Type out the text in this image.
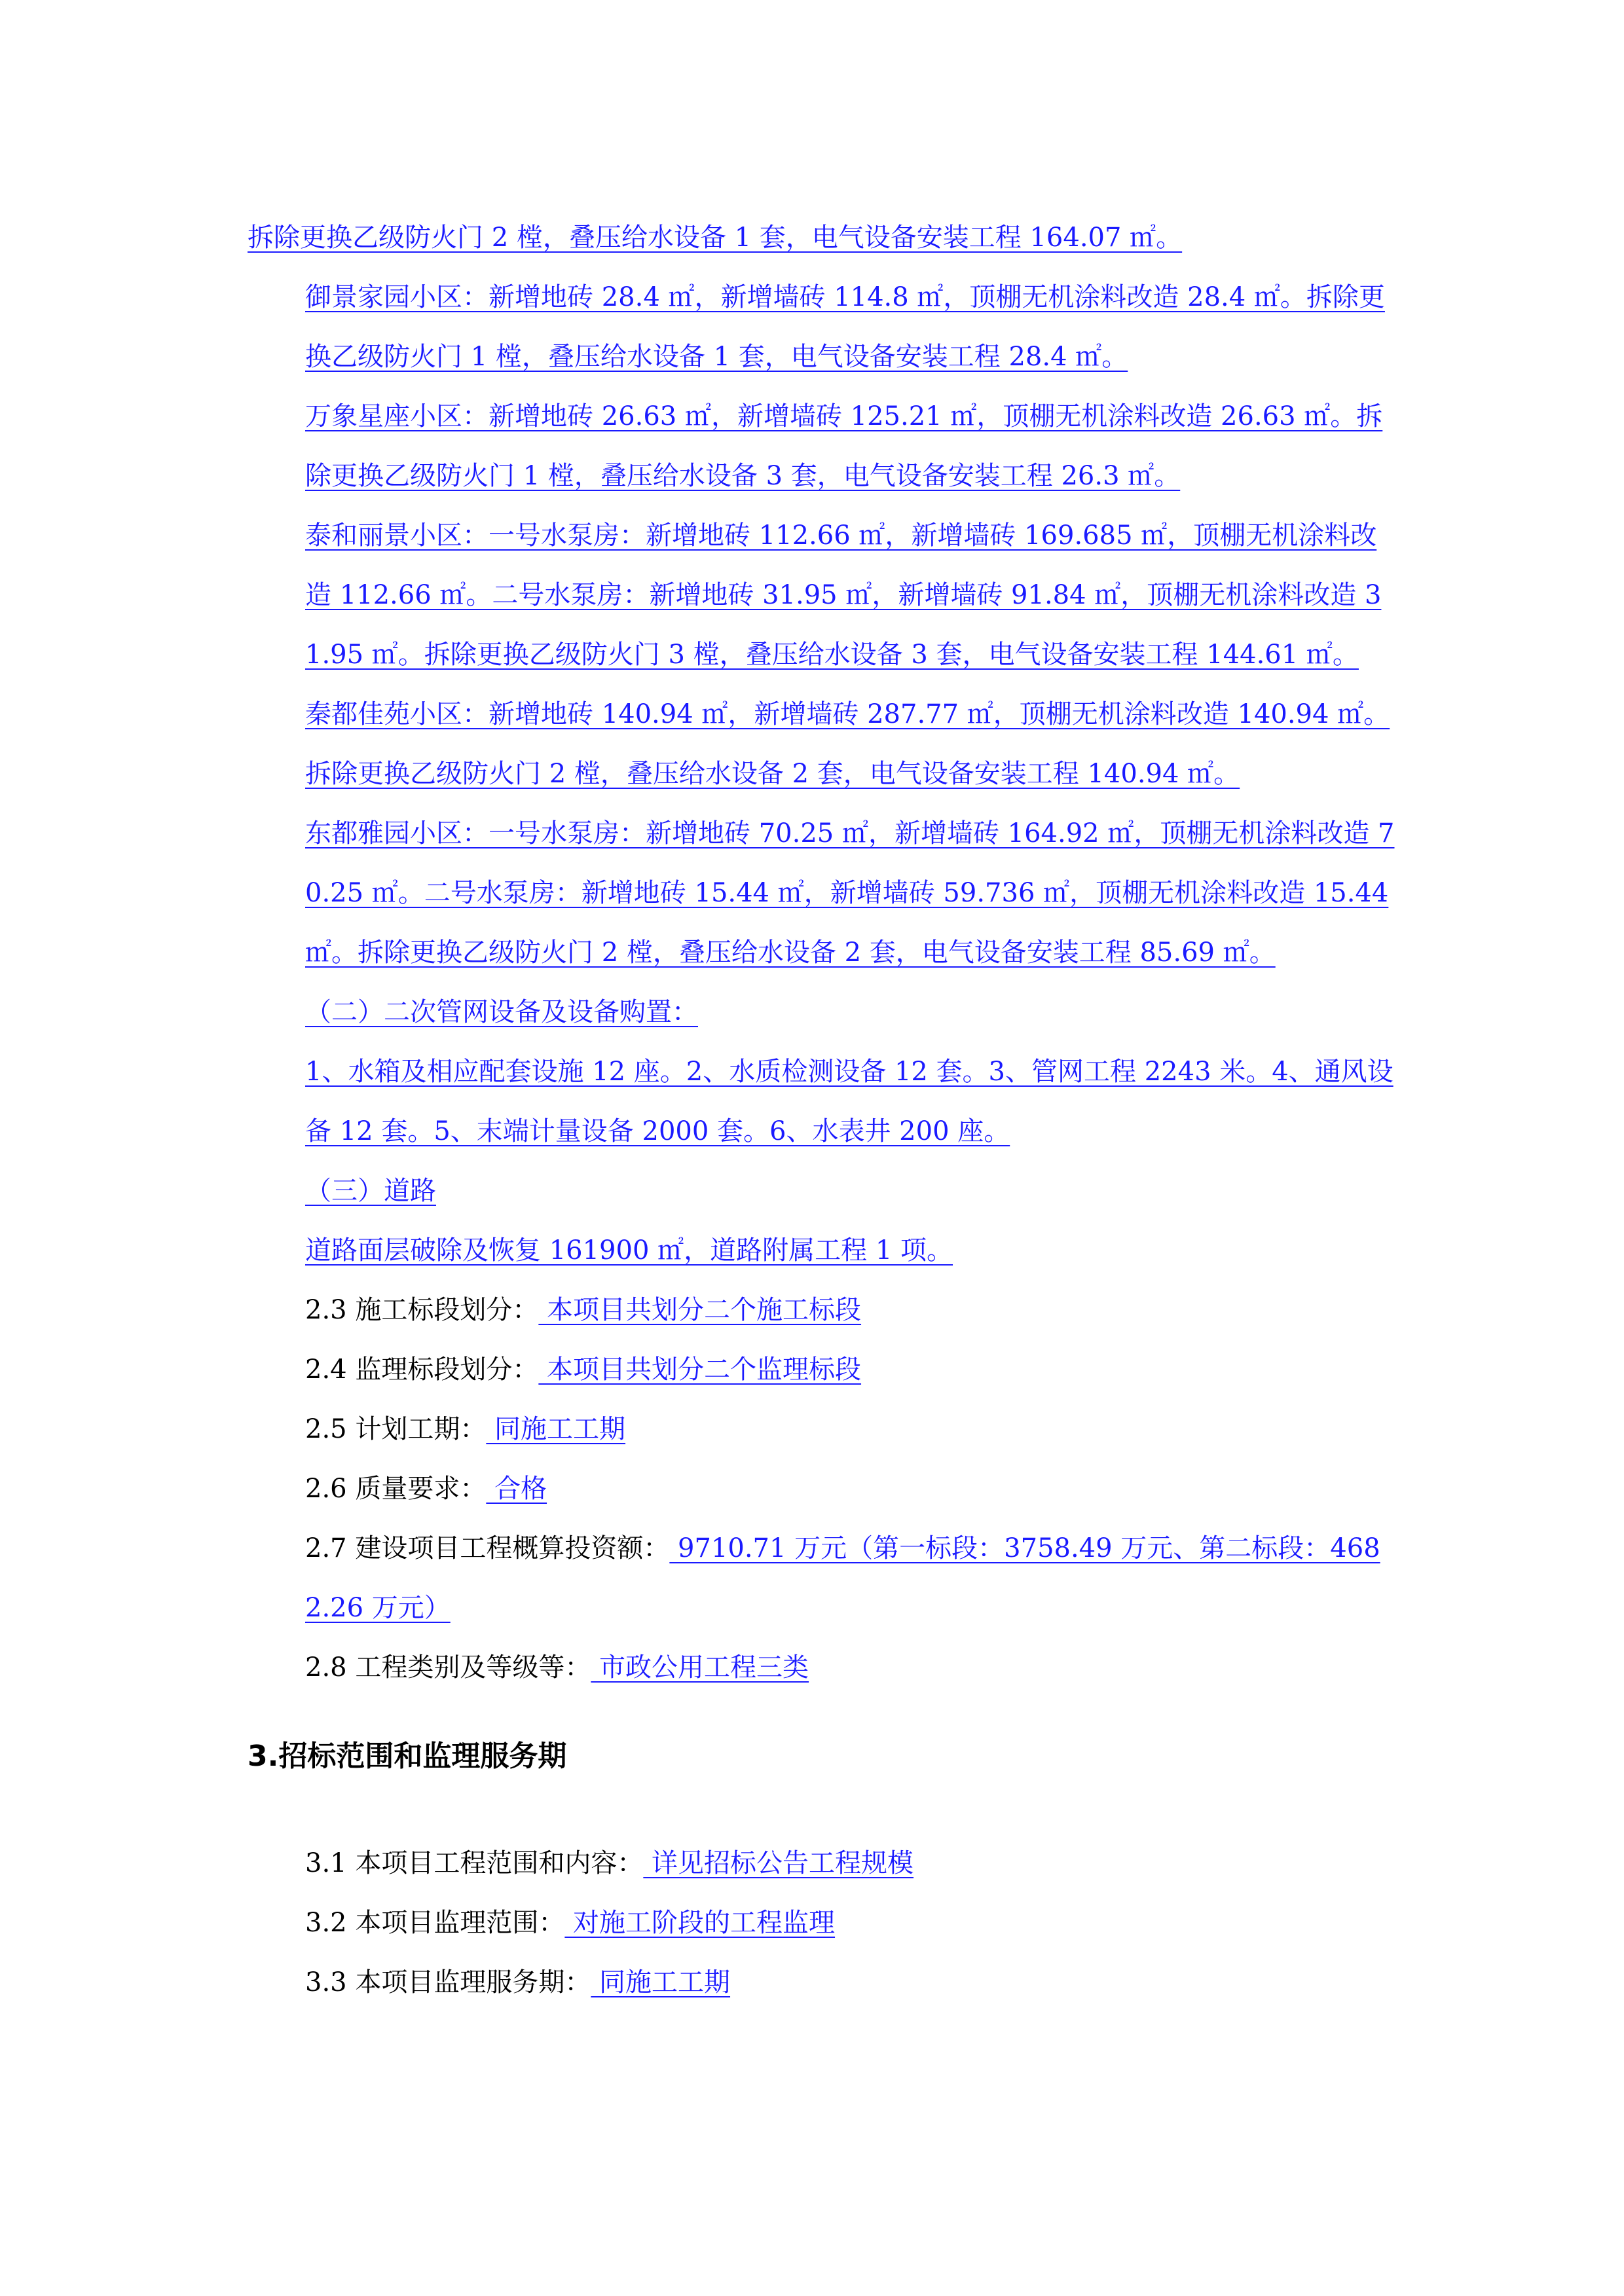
拆除更换乙级防火门 2 樘，叠压给水设备 1 套，电气设备安装工程 164.07 ㎡。

御景家园小区：新增地砖 28.4 ㎡，新增墙砖 114.8 ㎡，顶棚无机涂料改造 28.4 ㎡。拆除更换乙级防火门 1 樘，叠压给水设备 1 套，电气设备安装工程 28.4 ㎡。

万象星座小区：新增地砖 26.63 ㎡，新增墙砖 125.21 ㎡，顶棚无机涂料改造 26.63 ㎡。拆除更换乙级防火门 1 樘，叠压给水设备 3 套，电气设备安装工程 26.3 ㎡。

泰和丽景小区：一号水泵房：新增地砖 112.66 ㎡，新增墙砖 169.685 ㎡，顶棚无机涂料改造 112.66 ㎡。二号水泵房：新增地砖 31.95 ㎡，新增墙砖 91.84 ㎡，顶棚无机涂料改造 31.95 ㎡。拆除更换乙级防火门 3 樘，叠压给水设备 3 套，电气设备安装工程 144.61 ㎡。

秦都佳苑小区：新增地砖 140.94 ㎡，新增墙砖 287.77 ㎡，顶棚无机涂料改造 140.94 ㎡。拆除更换乙级防火门 2 樘，叠压给水设备 2 套，电气设备安装工程 140.94 ㎡。

东都雅园小区：一号水泵房：新增地砖 70.25 ㎡，新增墙砖 164.92 ㎡，顶棚无机涂料改造 70.25 ㎡。二号水泵房：新增地砖 15.44 ㎡，新增墙砖 59.736 ㎡，顶棚无机涂料改造 15.44 ㎡。拆除更换乙级防火门 2 樘，叠压给水设备 2 套，电气设备安装工程 85.69 ㎡。

（二）二次管网设备及设备购置：

1、水箱及相应配套设施 12 座。2、水质检测设备 12 套。3、管网工程 2243 米。4、通风设备 12 套。5、末端计量设备 2000 套。6、水表井 200 座。

（三）道路

道路面层破除及恢复 161900 ㎡，道路附属工程 1 项。

2.3 施工标段划分： 本项目共划分二个施工标段

2.4 监理标段划分： 本项目共划分二个监理标段

2.5 计划工期： 同施工工期

2.6 质量要求： 合格

2.7 建设项目工程概算投资额： 9710.71 万元（第一标段：3758.49 万元、第二标段：4682.26 万元）

2.8 工程类别及等级等： 市政公用工程三类

3.招标范围和监理服务期

3.1 本项目工程范围和内容： 详见招标公告工程规模

3.2 本项目监理范围： 对施工阶段的工程监理

3.3 本项目监理服务期： 同施工工期
